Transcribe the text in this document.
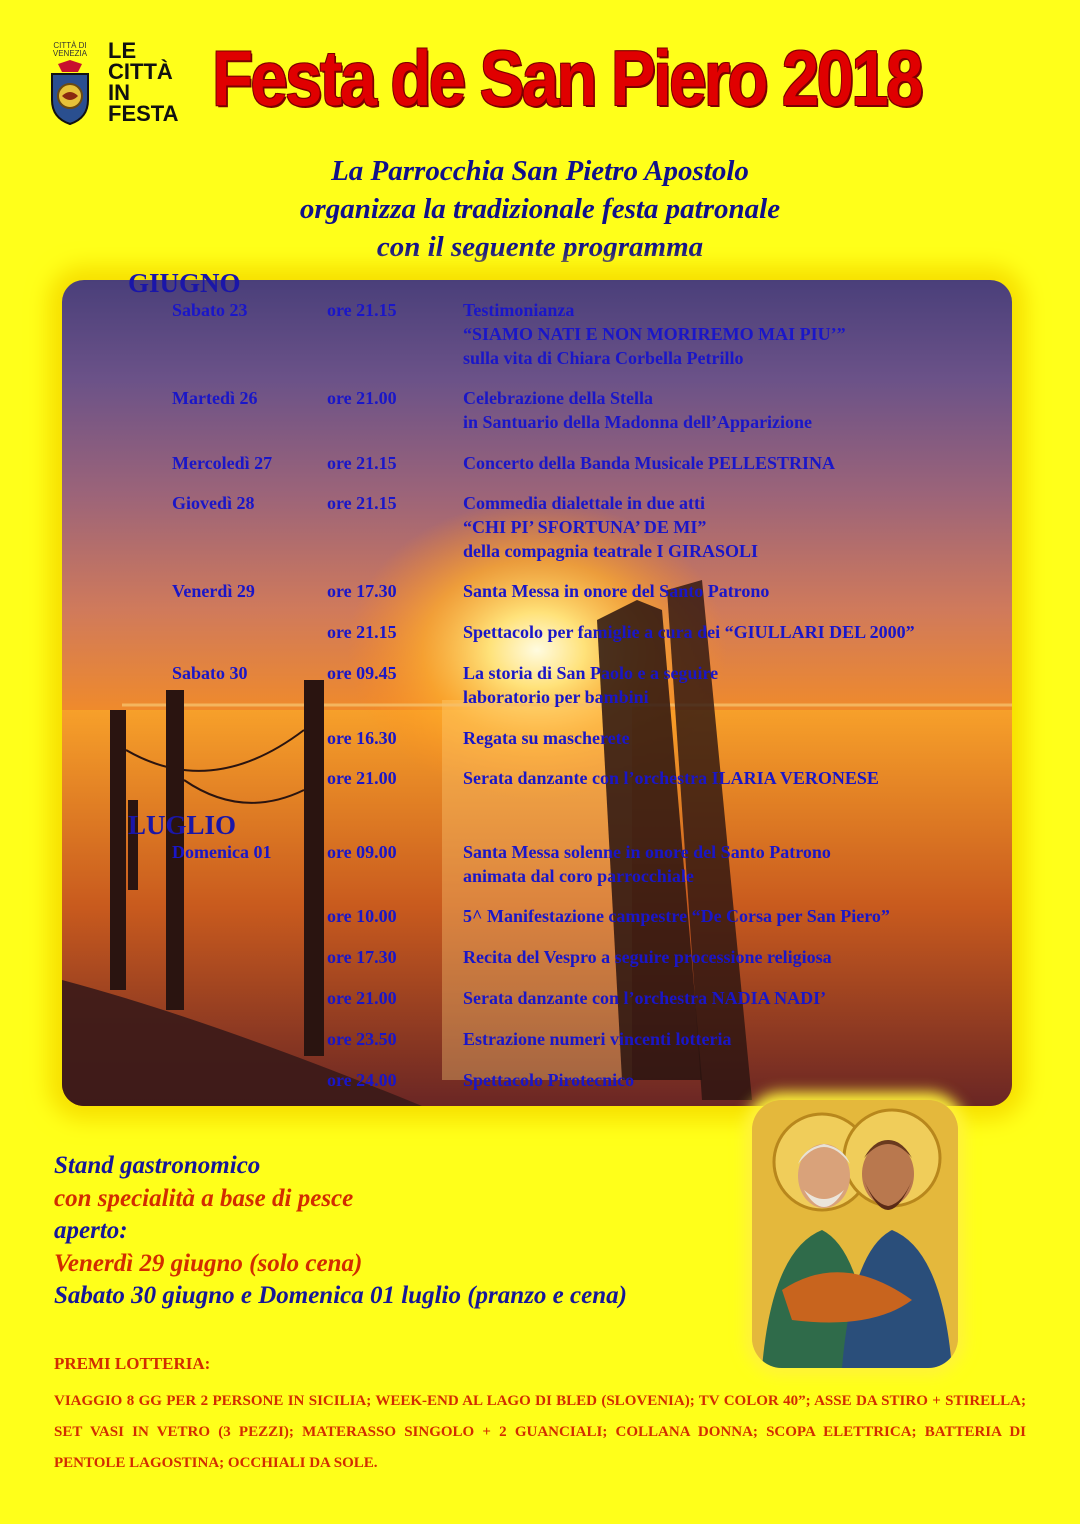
CITTÀ DI
VENEZIA LE
CITTÀ
IN
FESTA Festa de San Piero 2018
La Parrocchia San Pietro Apostolo
organizza la tradizionale festa patronale
con il seguente programma
GIUGNO
LUGLIO
Sabato 23	ore 21.15	Testimonianza
“SIAMO NATI E NON MORIREMO MAI PIU’”
sulla vita di Chiara Corbella Petrillo
Martedì 26	ore 21.00	Celebrazione della Stella
in Santuario della Madonna dell’Apparizione
Mercoledì 27	ore 21.15	Concerto della Banda Musicale PELLESTRINA
Giovedì 28	ore 21.15	Commedia dialettale in due atti
“CHI PI’ SFORTUNA’ DE MI”
della compagnia teatrale I GIRASOLI
Venerdì 29	ore 17.30	Santa Messa in onore del Santo Patrono
ore 21.15	Spettacolo per famiglie a cura dei “GIULLARI DEL 2000”
Sabato 30	ore 09.45	La storia di San Paolo e a seguire
laboratorio per bambini
ore 16.30	Regata su mascherete
ore 21.00	Serata danzante con l’orchestra ILARIA VERONESE
Domenica 01	ore 09.00	Santa Messa solenne in onore del Santo Patrono
animata dal coro parrocchiale
ore 10.00	5^ Manifestazione campestre “De Corsa per San Piero”
ore 17.30	Recita del Vespro a seguire processione religiosa
ore 21.00	Serata danzante con l’orchestra NADIA NADI’
ore 23.50	Estrazione numeri vincenti lotteria
ore 24.00	Spettacolo Pirotecnico
Stand gastronomico
con specialità a base di pesce
aperto:
Venerdì 29 giugno (solo cena)
Sabato 30 giugno e Domenica 01 luglio (pranzo e cena)
PREMI LOTTERIA:
VIAGGIO 8 GG PER 2 PERSONE IN SICILIA; WEEK-END AL LAGO DI BLED (SLOVENIA); TV COLOR 40”; ASSE DA STIRO + STIRELLA; SET VASI IN VETRO (3 PEZZI); MATERASSO SINGOLO + 2 GUANCIALI; COLLANA DONNA; SCOPA ELETTRICA; BATTERIA DI PENTOLE LAGOSTINA; OCCHIALI DA SOLE.
